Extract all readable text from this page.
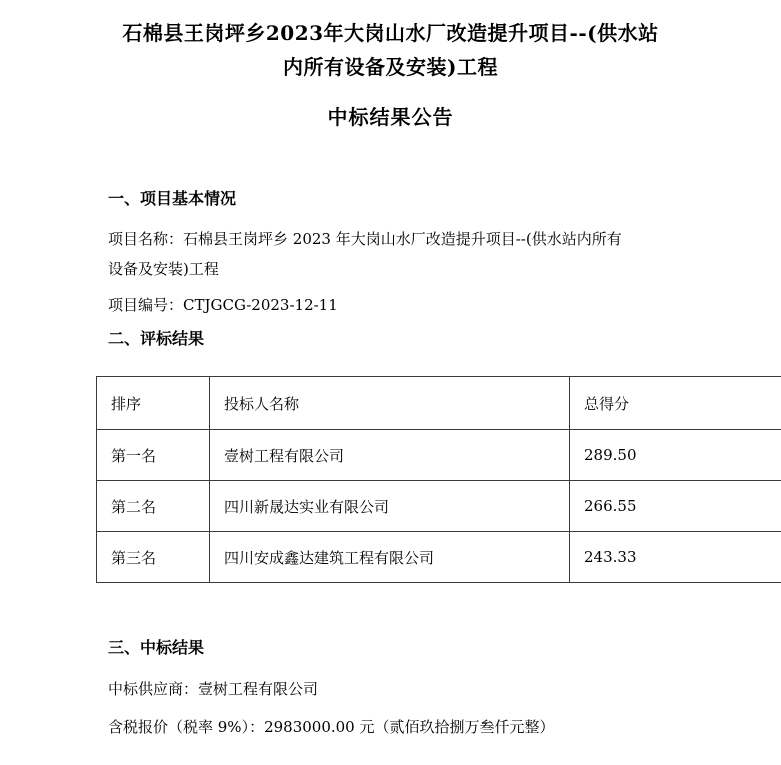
石棉县王岗坪乡2023年大岗山水厂改造提升项目--(供水站
内所有设备及安装)工程
中标结果公告
一、项目基本情况
项目名称：石棉县王岗坪乡 2023 年大岗山水厂改造提升项目--(供水站内所有
设备及安装)工程
项目编号：CTJGCG-2023-12-11
二、评标结果
排序	投标人名称	总得分
第一名	壹树工程有限公司	289.50
第二名	四川新晟达实业有限公司	266.55
第三名	四川安成鑫达建筑工程有限公司	243.33
三、中标结果
中标供应商：壹树工程有限公司
含税报价（税率 9%）：2983000.00 元（贰佰玖拾捌万叁仟元整）
